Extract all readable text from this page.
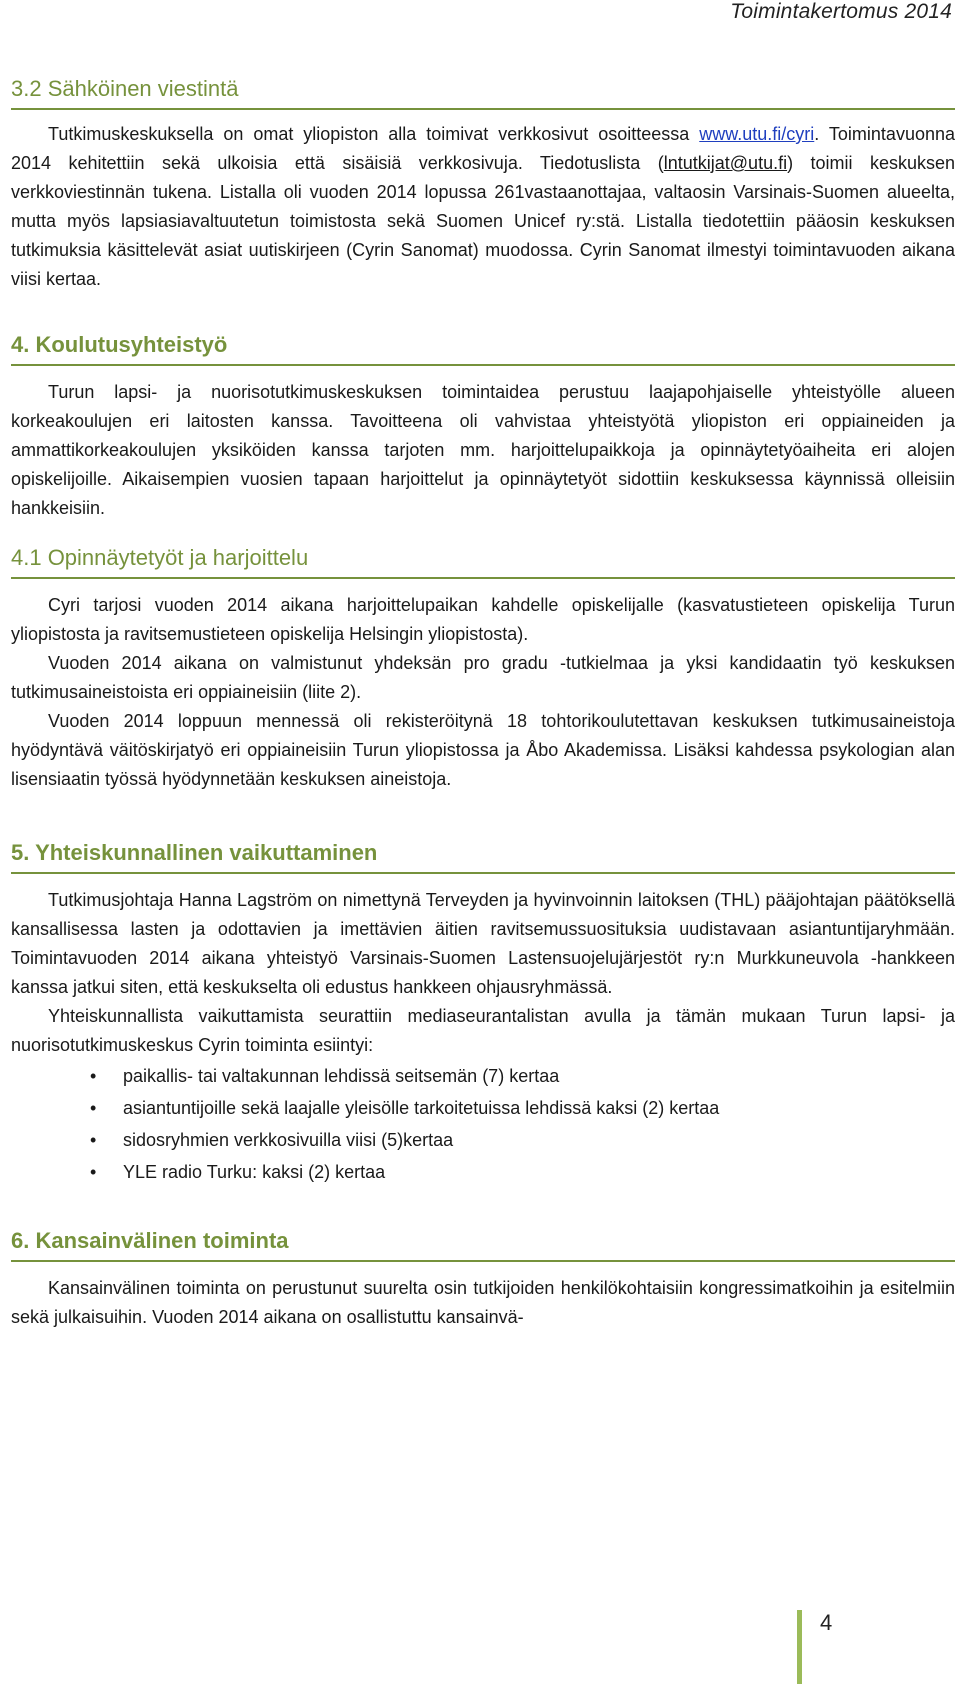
Toimintakertomus 2014
3.2 Sähköinen viestintä

Tutkimuskeskuksella on omat yliopiston alla toimivat verkkosivut osoitteessa www.utu.fi/cyri. Toimintavuonna 2014 kehitettiin sekä ulkoisia että sisäisiä verkkosivuja. Tiedotuslista (lntutkijat@utu.fi) toimii keskuksen verkkoviestinnän tukena. Listalla oli vuoden 2014 lopussa 261vastaanottajaa, valtaosin Varsinais-Suomen alueelta, mutta myös lapsiasiavaltuutetun toimistosta sekä Suomen Unicef ry:stä. Listalla tiedotettiin pääosin keskuksen tutkimuksia käsittelevät asiat uutiskirjeen (Cyrin Sanomat) muodossa. Cyrin Sanomat ilmestyi toimintavuoden aikana viisi kertaa.

4. Koulutusyhteistyö

Turun lapsi- ja nuorisotutkimuskeskuksen toimintaidea perustuu laajapohjaiselle yhteistyölle alueen korkeakoulujen eri laitosten kanssa. Tavoitteena oli vahvistaa yhteistyötä yliopiston eri oppiaineiden ja ammattikorkeakoulujen yksiköiden kanssa tarjoten mm. harjoittelupaikkoja ja opinnäytetyöaiheita eri alojen opiskelijoille. Aikaisempien vuosien tapaan harjoittelut ja opinnäytetyöt sidottiin keskuksessa käynnissä olleisiin hankkeisiin.

4.1 Opinnäytetyöt ja harjoittelu

Cyri tarjosi vuoden 2014 aikana harjoittelupaikan kahdelle opiskelijalle (kasvatustieteen opiskelija Turun yliopistosta ja ravitsemustieteen opiskelija Helsingin yliopistosta).

Vuoden 2014 aikana on valmistunut yhdeksän pro gradu -tutkielmaa ja yksi kandidaatin työ keskuksen tutkimusaineistoista eri oppiaineisiin (liite 2).

Vuoden 2014 loppuun mennessä oli rekisteröitynä 18 tohtorikoulutettavan keskuksen tutkimusaineistoja hyödyntävä väitöskirjatyö eri oppiaineisiin Turun yliopistossa ja Åbo Akademissa. Lisäksi kahdessa psykologian alan lisensiaatin työssä hyödynnetään keskuksen aineistoja.

5. Yhteiskunnallinen vaikuttaminen

Tutkimusjohtaja Hanna Lagström on nimettynä Terveyden ja hyvinvoinnin laitoksen (THL) pääjohtajan päätöksellä kansallisessa lasten ja odottavien ja imettävien äitien ravitsemussuosituksia uudistavaan asiantuntijaryhmään. Toimintavuoden 2014 aikana yhteistyö Varsinais-Suomen Lastensuojelujärjestöt ry:n Murkkuneuvola -hankkeen kanssa jatkui siten, että keskukselta oli edustus hankkeen ohjausryhmässä.

Yhteiskunnallista vaikuttamista seurattiin mediaseurantalistan avulla ja tämän mukaan Turun lapsi- ja nuorisotutkimuskeskus Cyrin toiminta esiintyi:

• paikallis- tai valtakunnan lehdissä seitsemän (7) kertaa
• asiantuntijoille sekä laajalle yleisölle tarkoitetuissa lehdissä kaksi (2) kertaa
• sidosryhmien verkkosivuilla viisi (5)kertaa
• YLE radio Turku: kaksi (2) kertaa
6. Kansainvälinen toiminta

Kansainvälinen toiminta on perustunut suurelta osin tutkijoiden henkilökohtaisiin kongressimatkoihin ja esitelmiin sekä julkaisuihin. Vuoden 2014 aikana on osallistuttu kansainvä-

4
